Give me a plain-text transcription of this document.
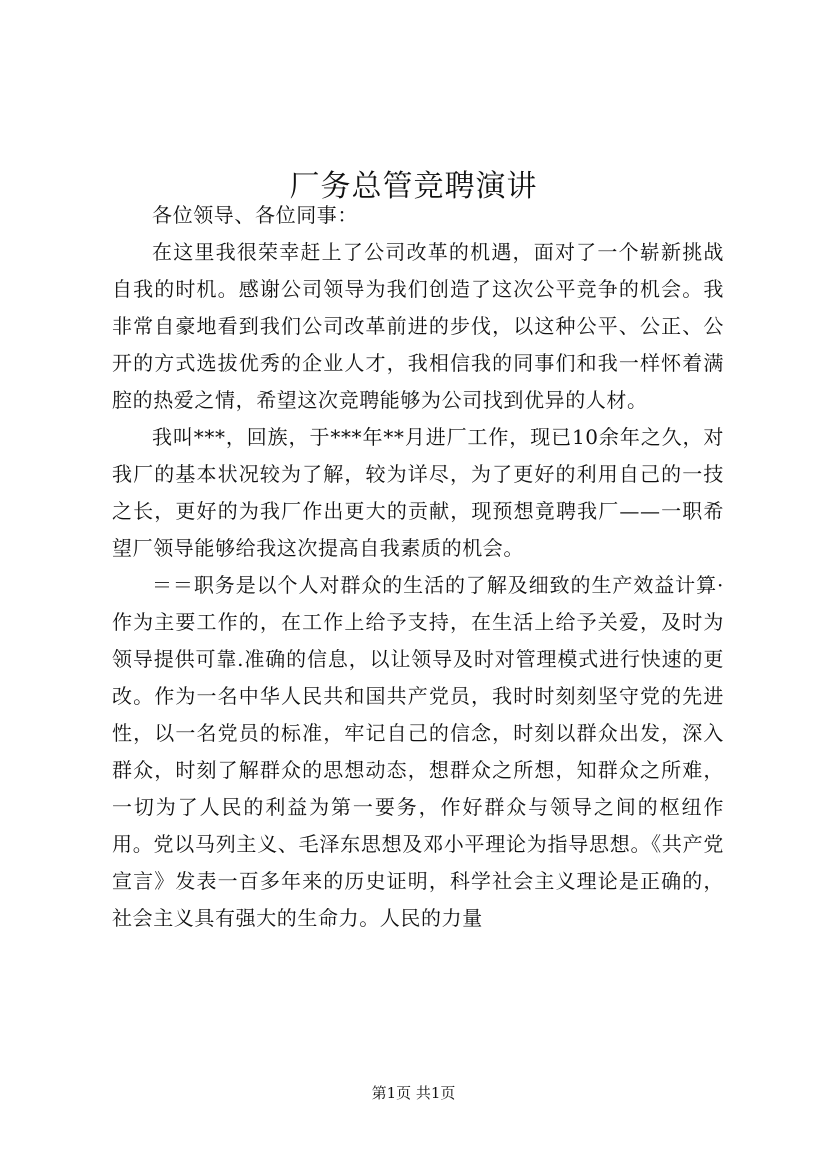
厂务总管竞聘演讲

各位领导、各位同事：

在这里我很荣幸赶上了公司改革的机遇，面对了一个崭新挑战自我的时机。感谢公司领导为我们创造了这次公平竞争的机会。我非常自豪地看到我们公司改革前进的步伐，以这种公平、公正、公开的方式选拔优秀的企业人才，我相信我的同事们和我一样怀着满腔的热爱之情，希望这次竞聘能够为公司找到优异的人材。

我叫***，回族，于***年**月进厂工作，现已10余年之久，对我厂的基本状况较为了解，较为详尽，为了更好的利用自己的一技之长，更好的为我厂作出更大的贡献，现预想竟聘我厂——一职希望厂领导能够给我这次提高自我素质的机会。

＝＝职务是以个人对群众的生活的了解及细致的生产效益计算·作为主要工作的，在工作上给予支持，在生活上给予关爱，及时为领导提供可靠.准确的信息，以让领导及时对管理模式进行快速的更改。作为一名中华人民共和国共产党员，我时时刻刻坚守党的先进性，以一名党员的标准，牢记自己的信念，时刻以群众出发，深入群众，时刻了解群众的思想动态，想群众之所想，知群众之所难，一切为了人民的利益为第一要务，作好群众与领导之间的枢纽作用。党以马列主义、毛泽东思想及邓小平理论为指导思想。《共产党宣言》发表一百多年来的历史证明，科学社会主义理论是正确的，社会主义具有强大的生命力。人民的力量

第1页 共1页
